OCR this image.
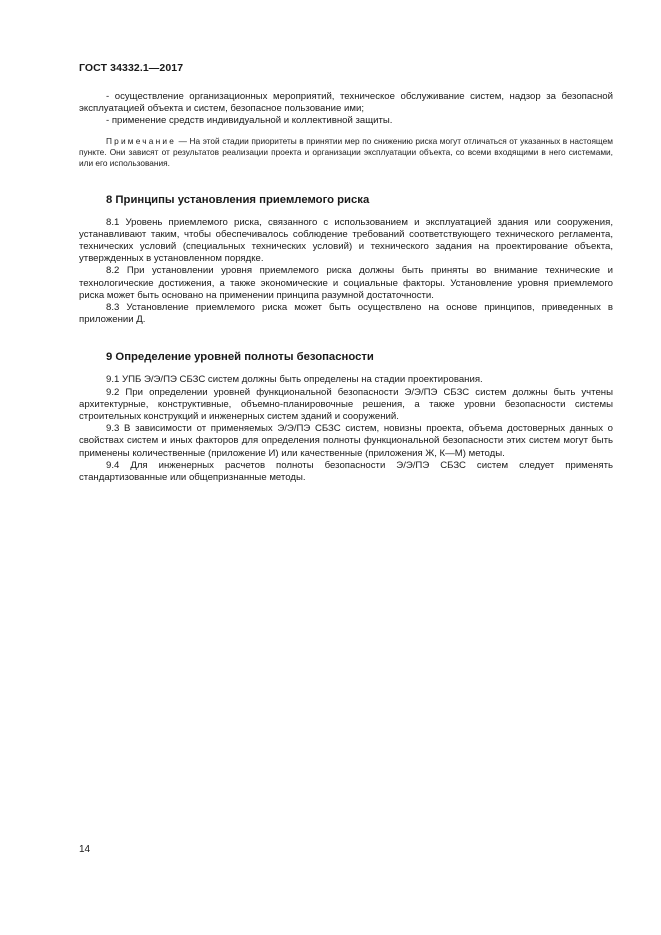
ГОСТ 34332.1—2017

- осуществление организационных мероприятий, техническое обслуживание систем, надзор за безопасной эксплуатацией объекта и систем, безопасное пользование ими;

- применение средств индивидуальной и коллективной защиты.

Примечание — На этой стадии приоритеты в принятии мер по снижению риска могут отличаться от указанных в настоящем пункте. Они зависят от результатов реализации проекта и организации эксплуатации объекта, со всеми входящими в него системами, или его использования.
8 Принципы установления приемлемого риска

8.1 Уровень приемлемого риска, связанного с использованием и эксплуатацией здания или сооружения, устанавливают таким, чтобы обеспечивалось соблюдение требований соответствующего технического регламента, технических условий (специальных технических условий) и технического задания на проектирование объекта, утвержденных в установленном порядке.

8.2 При установлении уровня приемлемого риска должны быть приняты во внимание технические и технологические достижения, а также экономические и социальные факторы. Установление уровня приемлемого риска может быть основано на применении принципа разумной достаточности.

8.3 Установление приемлемого риска может быть осуществлено на основе принципов, приведенных в приложении Д.

9 Определение уровней полноты безопасности

9.1 УПБ Э/Э/ПЭ СБЗС систем должны быть определены на стадии проектирования.

9.2 При определении уровней функциональной безопасности Э/Э/ПЭ СБЗС систем должны быть учтены архитектурные, конструктивные, объемно-планировочные решения, а также уровни безопасности системы строительных конструкций и инженерных систем зданий и сооружений.

9.3 В зависимости от применяемых Э/Э/ПЭ СБЗС систем, новизны проекта, объема достоверных данных о свойствах систем и иных факторов для определения полноты функциональной безопасности этих систем могут быть применены количественные (приложение И) или качественные (приложения Ж, К—М) методы.

9.4 Для инженерных расчетов полноты безопасности Э/Э/ПЭ СБЗС систем следует применять стандартизованные или общепризнанные методы.

14
